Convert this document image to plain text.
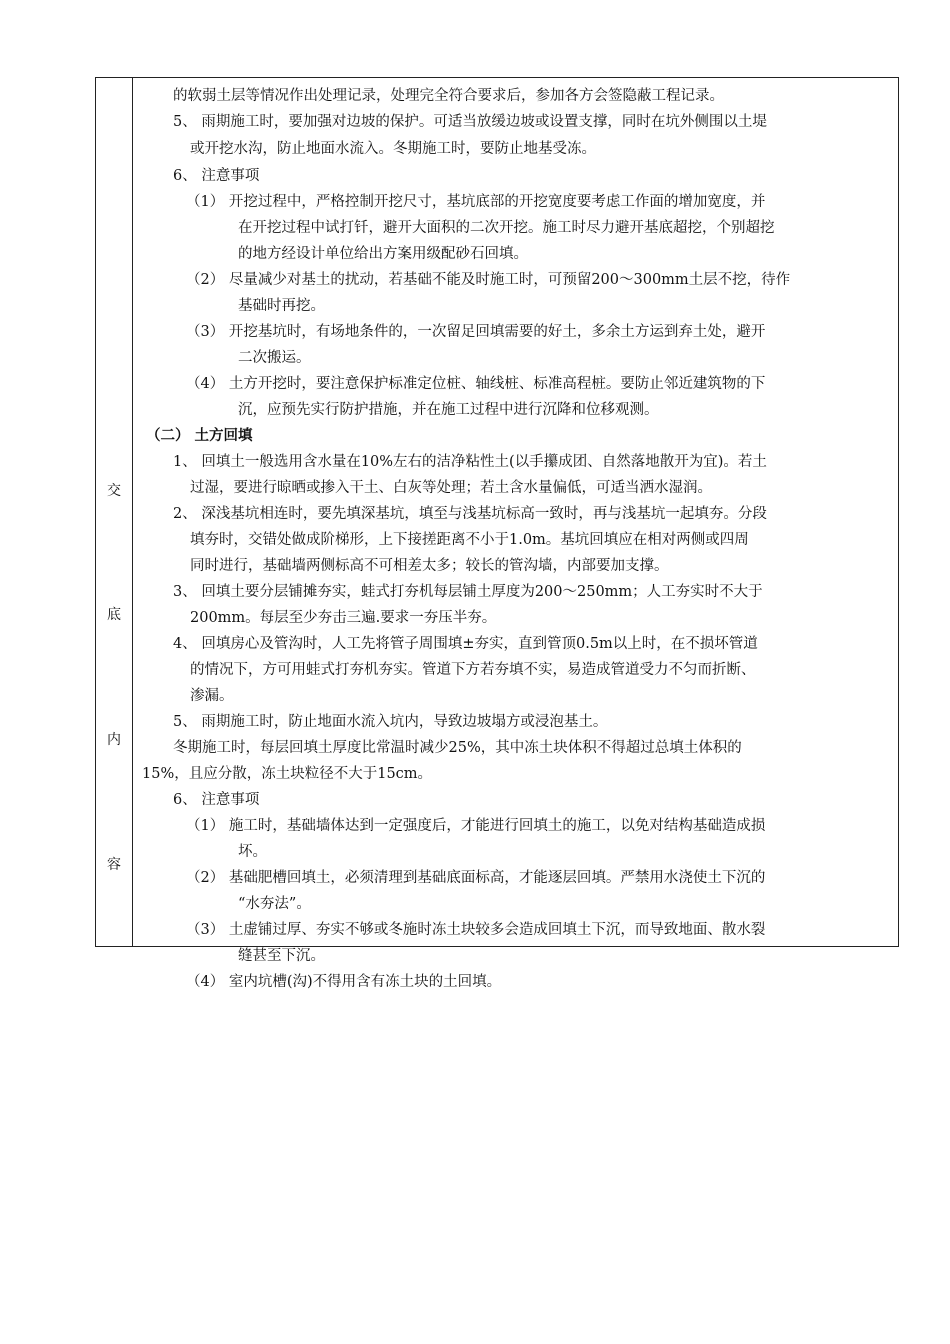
交
底
内
容
的软弱土层等情况作出处理记录，处理完全符合要求后，参加各方会签隐蔽工程记录。
5、 雨期施工时，要加强对边坡的保护。可适当放缓边坡或设置支撑，同时在坑外侧围以土堤
或开挖水沟，防止地面水流入。冬期施工时，要防止地基受冻。
6、 注意事项
（1） 开挖过程中，严格控制开挖尺寸，基坑底部的开挖宽度要考虑工作面的增加宽度，并
在开挖过程中试打钎，避开大面积的二次开挖。施工时尽力避开基底超挖，个别超挖
的地方经设计单位给出方案用级配砂石回填。
（2） 尽量减少对基土的扰动，若基础不能及时施工时，可预留200～300mm土层不挖，待作
基础时再挖。
（3） 开挖基坑时，有场地条件的，一次留足回填需要的好土，多余土方运到弃土处，避开
二次搬运。
（4） 土方开挖时，要注意保护标准定位桩、轴线桩、标准高程桩。要防止邻近建筑物的下
沉，应预先实行防护措施，并在施工过程中进行沉降和位移观测。
（二） 土方回填
1、 回填土一般选用含水量在10%左右的洁净粘性土(以手攥成团、自然落地散开为宜)。若土
过湿，要进行晾晒或掺入干土、白灰等处理；若土含水量偏低，可适当洒水湿润。
2、 深浅基坑相连时，要先填深基坑，填至与浅基坑标高一致时，再与浅基坑一起填夯。分段
填夯时，交错处做成阶梯形，上下接搓距离不小于1.0m。基坑回填应在相对两侧或四周
同时进行，基础墙两侧标高不可相差太多；较长的管沟墙，内部要加支撑。
3、 回填土要分层铺摊夯实，蛙式打夯机每层铺土厚度为200～250mm；人工夯实时不大于
200mm。每层至少夯击三遍.要求一夯压半夯。
4、 回填房心及管沟时，人工先将管子周围填±夯实，直到管顶0.5m以上时，在不损坏管道
的情况下，方可用蛙式打夯机夯实。管道下方若夯填不实，易造成管道受力不匀而折断、
渗漏。
5、 雨期施工时，防止地面水流入坑内，导致边坡塌方或浸泡基土。
冬期施工时，每层回填土厚度比常温时减少25%，其中冻土块体积不得超过总填土体积的
15%，且应分散，冻土块粒径不大于15cm。
6、 注意事项
（1） 施工时，基础墙体达到一定强度后，才能进行回填土的施工，以免对结构基础造成损
坏。
（2） 基础肥槽回填土，必须清理到基础底面标高，才能逐层回填。严禁用水浇使土下沉的
“水夯法”。
（3） 土虚铺过厚、夯实不够或冬施时冻土块较多会造成回填土下沉，而导致地面、散水裂
缝甚至下沉。
（4） 室内坑槽(沟)不得用含有冻土块的土回填。
